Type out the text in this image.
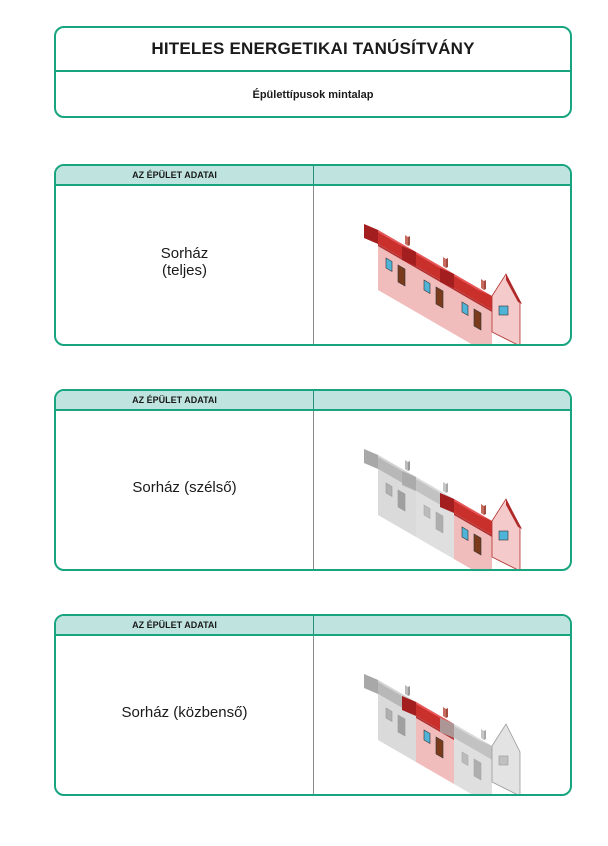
HITELES ENERGETIKAI TANÚSÍTVÁNY
Épülettípusok mintalap
AZ ÉPÜLET ADATAI
Sorház
(teljes)
AZ ÉPÜLET ADATAI
Sorház (szélső)
AZ ÉPÜLET ADATAI
Sorház (közbenső)
